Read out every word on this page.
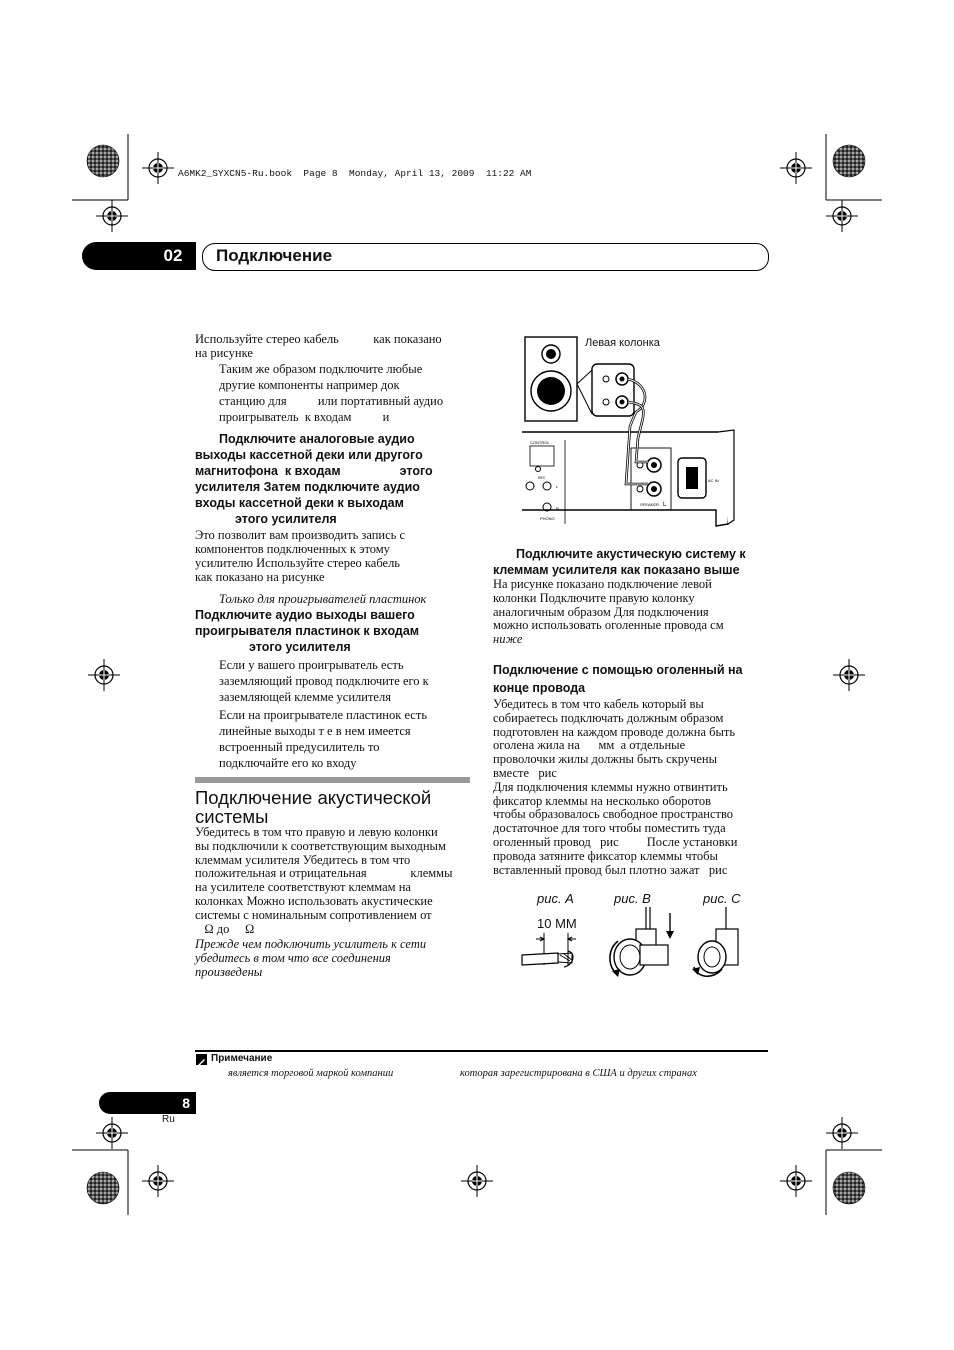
A6MK2_SYXCN5-Ru.book  Page 8  Monday, April 13, 2009  11:22 AM
02	Подключение

Используйте стерео кабель           как показано
на рисунке

Таким же образом подключите любые
другие компоненты например док
станцию для          или портативный аудио
проигрыватель  к входам          и

Подключите аналоговые аудио
выходы кассетной деки или другого
магнитофона  к входам                 этого
усилителя Затем подключите аудио
входы кассетной деки к выходам
этого усилителя

Это позволит вам производить запись с
компонентов подключенных к этому
усилителю Используйте стерео кабель
как показано на рисунке

Только для проигрывателей пластинок

Подключите аудио выходы вашего
проигрывателя пластинок к входам
этого усилителя

Если у вашего проигрыватель есть
заземляющий провод подключите его к
заземляющей клемме усилителя

Если на проигрывателе пластинок есть
линейные выходы т е в нем имеется
встроенный предусилитель то
подключайте его ко входу

Подключение акустической
системы

Убедитесь в том что правую и левую колонки
вы подключили к соответствующим выходным
клеммам усилителя Убедитесь в том что
положительная и отрицательная              клеммы
на усилителе соответствуют клеммам на
колонках Можно использовать акустические
системы с номинальным сопротивлением от
Ω до     Ω

Прежде чем подключить усилитель к сети
убедитесь в том что все соединения
произведены

CONTROL
PHONO
L
R
REC
SPEAKER L
AC IN
Левая колонка

Подключите акустическую систему к
клеммам усилителя как показано выше

На рисунке показано подключение левой
колонки Подключите правую колонку
аналогичным образом Для подключения
можно использовать оголенные провода см
ниже

Подключение с помощью оголенный на
конце провода

Убедитесь в том что кабель который вы
собираетесь подключать должным образом
подготовлен на каждом проводе должна быть
оголена жила на      мм  а отдельные
проволочки жилы должны быть скручены
вместе   рис

Для подключения клеммы нужно отвинтить
фиксатор клеммы на несколько оборотов
чтобы образовалось свободное пространство
достаточное для того чтобы поместить туда
оголенный провод   рис         После установки
провода затяните фиксатор клеммы чтобы
вставленный провод был плотно зажат   рис

рис. A	рис. B	рис. C
10 ММ
Примечание
является торговой маркой компании	которая зарегистрирована в США и других странах
8
Ru
